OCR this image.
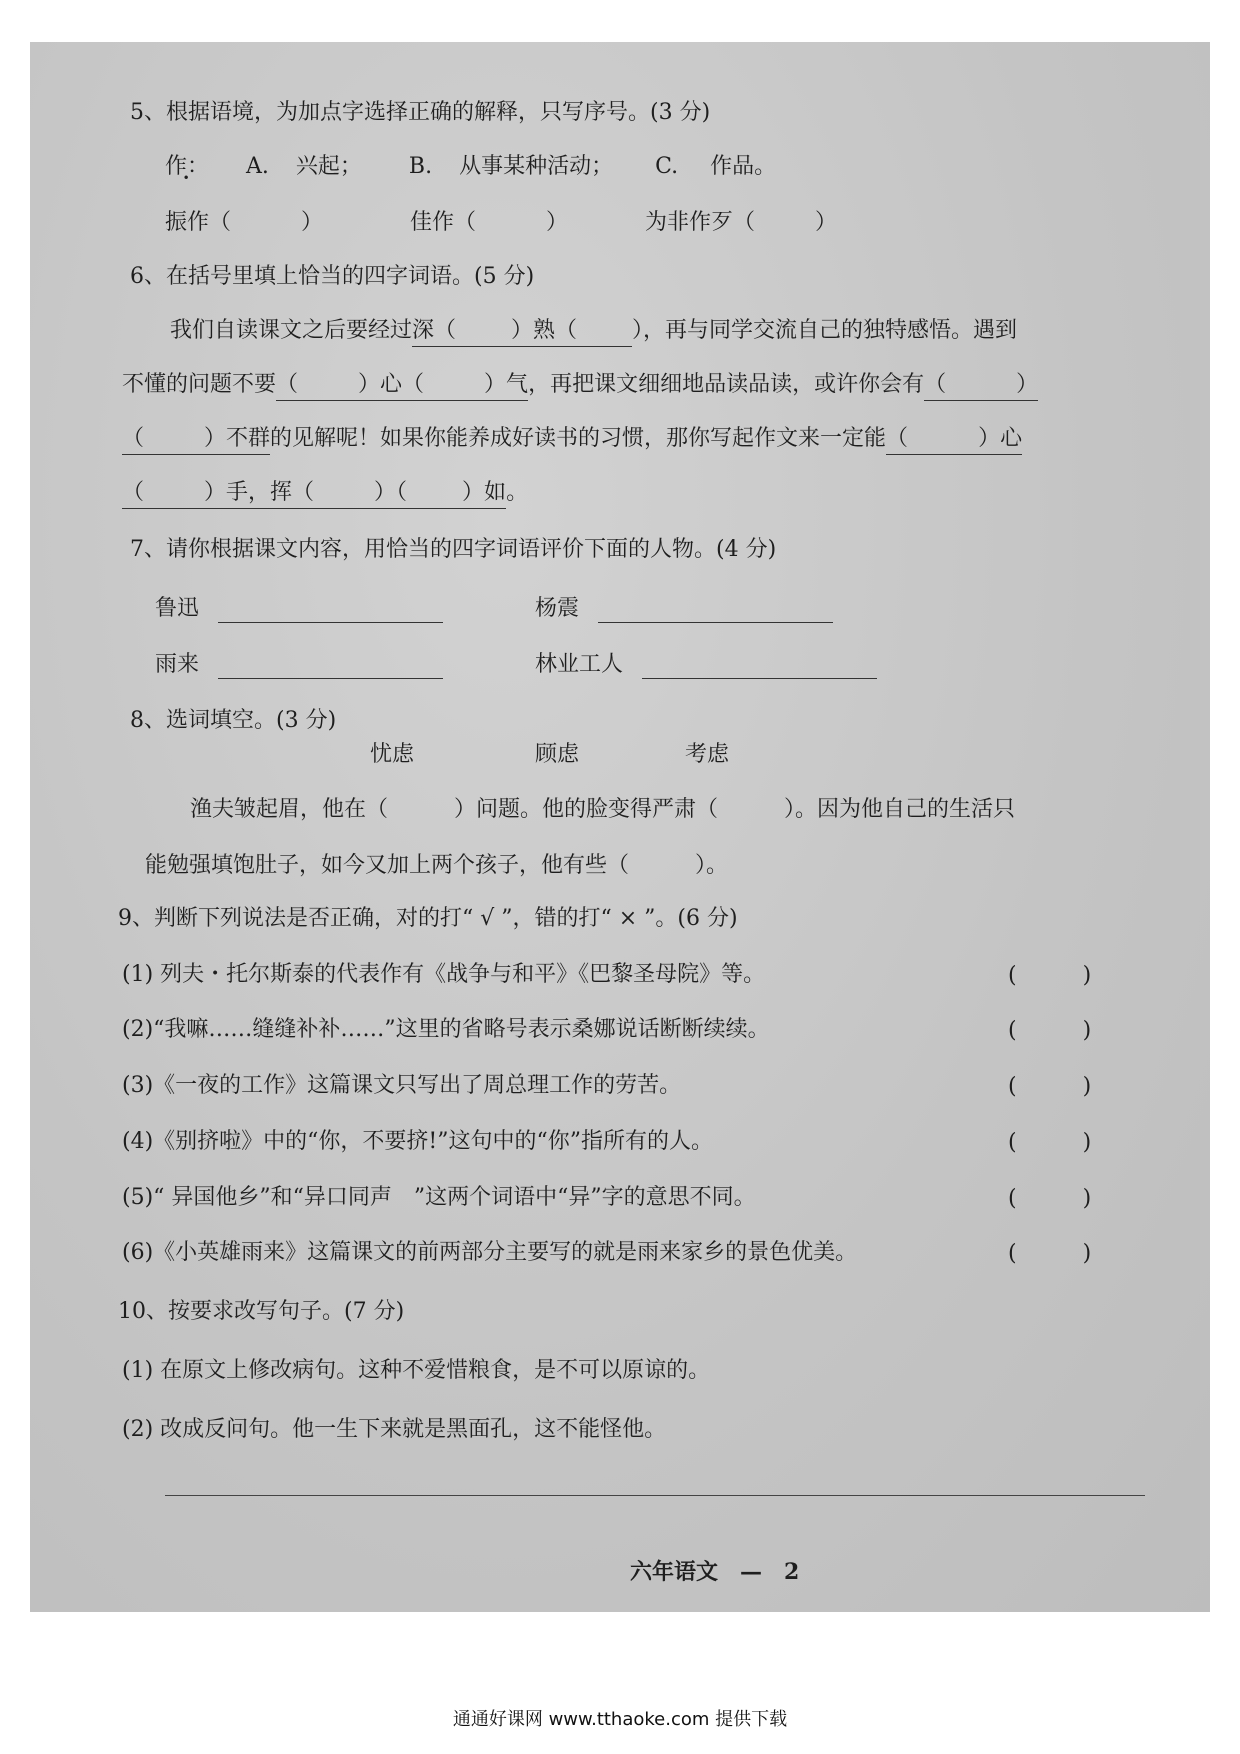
5、根据语境，为加点字选择正确的解释，只写序号。(3 分)
作： • A. 兴起； B. 从事某种活动； C. 作品。
振作（	）	佳作（	）	为非作歹（	）
6、在括号里填上恰当的四字词语。(5 分)
我们自读课文之后要经过深（	）熟（	），再与同学交流自己的独特感悟。遇到
不懂的问题不要（	）心（	）气，再把课文细细地品读品读，或许你会有（	）
（	）不群的见解呢！如果你能养成好读书的习惯，那你写起作文来一定能（	）心
（	）手，挥（	）（	）如。
7、请你根据课文内容，用恰当的四字词语评价下面的人物。(4 分)
鲁迅	杨震
雨来	林业工人
8、选词填空。(3 分)
忧虑	顾虑	考虑
渔夫皱起眉，他在（　　　）问题。他的脸变得严肃（　　　）。因为他自己的生活只
能勉强填饱肚子，如今又加上两个孩子，他有些（　　　）。
9、判断下列说法是否正确，对的打“ √ ”，错的打“ × ”。(6 分)
(1) 列夫・托尔斯泰的代表作有《战争与和平》《巴黎圣母院》等。	(　　　)
(2)“我嘛……缝缝补补……”这里的省略号表示桑娜说话断断续续。	(　　　)
(3)《一夜的工作》这篇课文只写出了周总理工作的劳苦。	(　　　)
(4)《别挤啦》中的“你，不要挤!”这句中的“你”指所有的人。	(　　　)
(5)“ 异国他乡”和“异口同声　”这两个词语中“异”字的意思不同。	(　　　)
(6)《小英雄雨来》这篇课文的前两部分主要写的就是雨来家乡的景色优美。	(　　　)
10、按要求改写句子。(7 分)
(1) 在原文上修改病句。这种不爱惜粮食，是不可以原谅的。
(2) 改成反问句。他一生下来就是黑面孔，这不能怪他。
六年语文　—　2
通通好课网 www.tthaoke.com 提供下载
